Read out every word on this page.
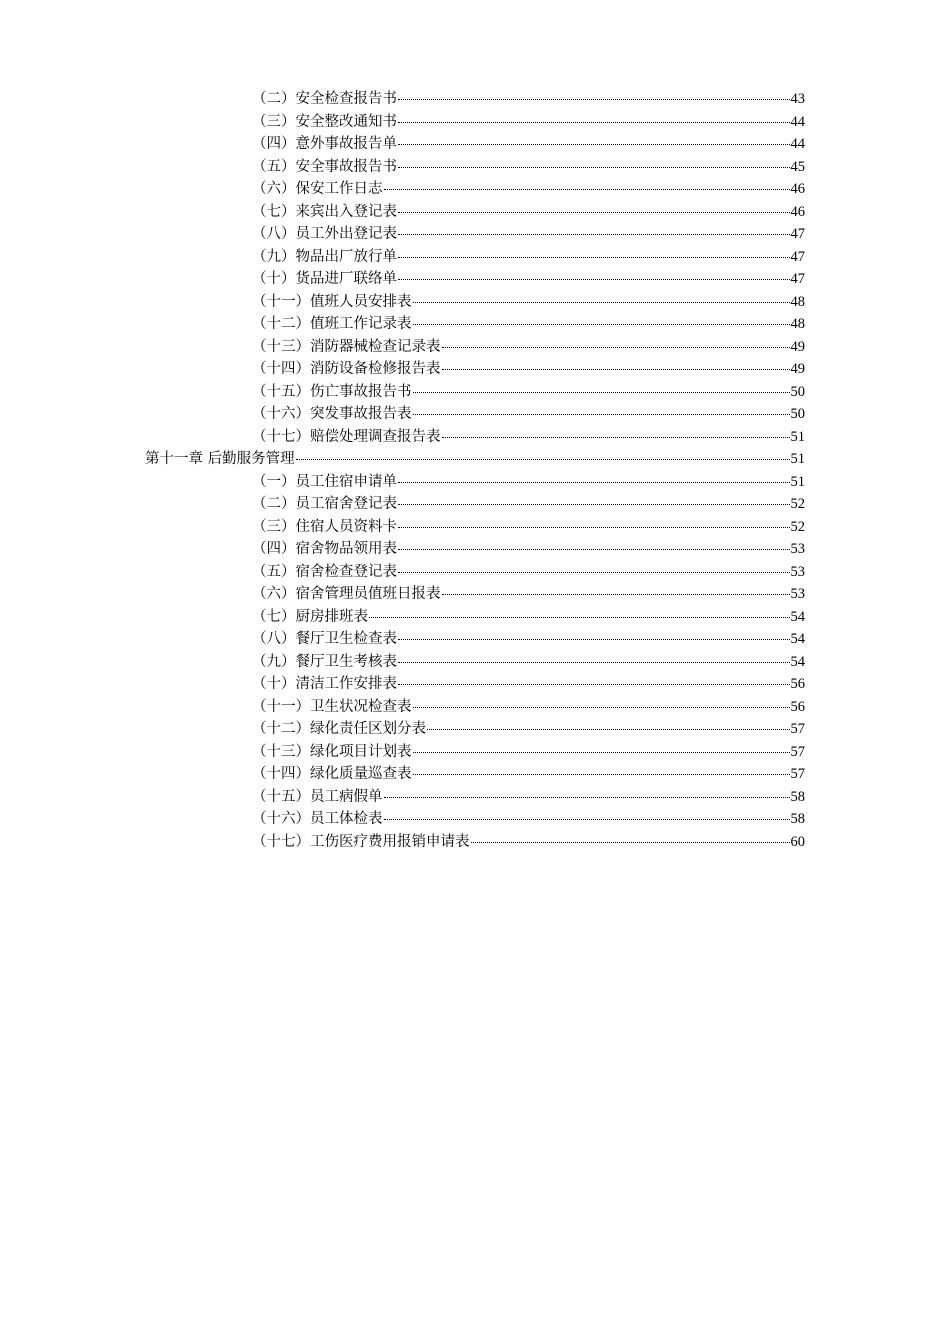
（二）安全检查报告书	43
（三）安全整改通知书	44
（四）意外事故报告单	44
（五）安全事故报告书	45
（六）保安工作日志	46
（七）来宾出入登记表	46
（八）员工外出登记表	47
（九）物品出厂放行单	47
（十）货品进厂联络单	47
（十一）值班人员安排表	48
（十二）值班工作记录表	48
（十三）消防器械检查记录表	49
（十四）消防设备检修报告表	49
（十五）伤亡事故报告书	50
（十六）突发事故报告表	50
（十七）赔偿处理调查报告表	51
第十一章 后勤服务管理	51
（一）员工住宿申请单	51
（二）员工宿舍登记表	52
（三）住宿人员资料卡	52
（四）宿舍物品领用表	53
（五）宿舍检查登记表	53
（六）宿舍管理员值班日报表	53
（七）厨房排班表	54
（八）餐厅卫生检查表	54
（九）餐厅卫生考核表	54
（十）清洁工作安排表	56
（十一）卫生状况检查表	56
（十二）绿化责任区划分表	57
（十三）绿化项目计划表	57
（十四）绿化质量巡查表	57
（十五）员工病假单	58
（十六）员工体检表	58
（十七）工伤医疗费用报销申请表	60
